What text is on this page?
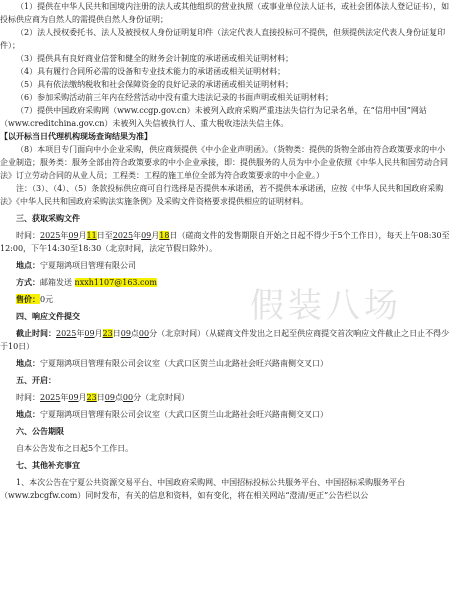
（1）提供在中华人民共和国境内注册的法人或其他组织的营业执照（或事业单位法人证书，或社会团体法人登记证书），如投标供应商为自然人的需提供自然人身份证明；

（2）法人授权委托书、法人及被授权人身份证明复印件（法定代表人直接投标可不提供，但须提供法定代表人身份证复印件）；

（3）提供具有良好商业信誉和健全的财务会计制度的承诺函或相关证明材料；

（4）具有履行合同所必需的设备和专业技术能力的承诺函或相关证明材料；

（5）具有依法缴纳税收和社会保障资金的良好记录的承诺函或相关证明材料；

（6）参加采购活动前三年内在经营活动中没有重大违法记录的书面声明或相关证明材料；

（7）提供中国政府采购网（www.ccgp.gov.cn）未被列入政府采购严重违法失信行为记录名单，在“信用中国”网站（www.creditchina.gov.cn）未被列入失信被执行人、重大税收违法失信主体。

【以开标当日代理机构现场查询结果为准】

（8）本项目专门面向中小企业采购，供应商须提供《中小企业声明函》。（货物类：提供的货物全部由符合政策要求的中小企业制造；服务类：服务全部由符合政策要求的中小企业承接，即：提供服务的人员为中小企业依照《中华人民共和国劳动合同法》订立劳动合同的从业人员；工程类：工程的施工单位全部为符合政策要求的中小企业。）

注：（3）、（4）、（5）条款投标供应商可自行选择是否提供本承诺函，若不提供本承诺函，应按《中华人民共和国政府采购法》《中华人民共和国政府采购法实施条例》及采购文件资格要求提供相应的证明材料。

三、获取采购文件

时间：2025年09月11日至2025年09月18日（磋商文件的发售期限自开始之日起不得少于5个工作日），每天上午08:30至12:00，下午14:30至18:30（北京时间，法定节假日除外）。

地点：宁夏翔鸿项目管理有限公司

方式：邮箱发送 nxxh1107@163.com

售价：0元

四、响应文件提交

截止时间：2025年09月23日09点00分（北京时间）（从磋商文件发出之日起至供应商提交首次响应文件截止之日止不得少于10日）

地点：宁夏翔鸿项目管理有限公司会议室（大武口区贺兰山北路社会旺兴路南侧交叉口）

五、开启：

时间：2025年09月23日09点00分（北京时间）

地点：宁夏翔鸿项目管理有限公司会议室（大武口区贺兰山北路社会旺兴路南侧交叉口）

六、公告期限

自本公告发布之日起5个工作日。

七、其他补充事宜

1、本次公告在宁夏公共资源交易平台、中国政府采购网、中国招标投标公共服务平台、中国招标采购服务平台（www.zbcgfw.com）同时发布，有关的信息和资料，如有变化，将在相关网站“澄清/更正”公告栏以公

假装八场
